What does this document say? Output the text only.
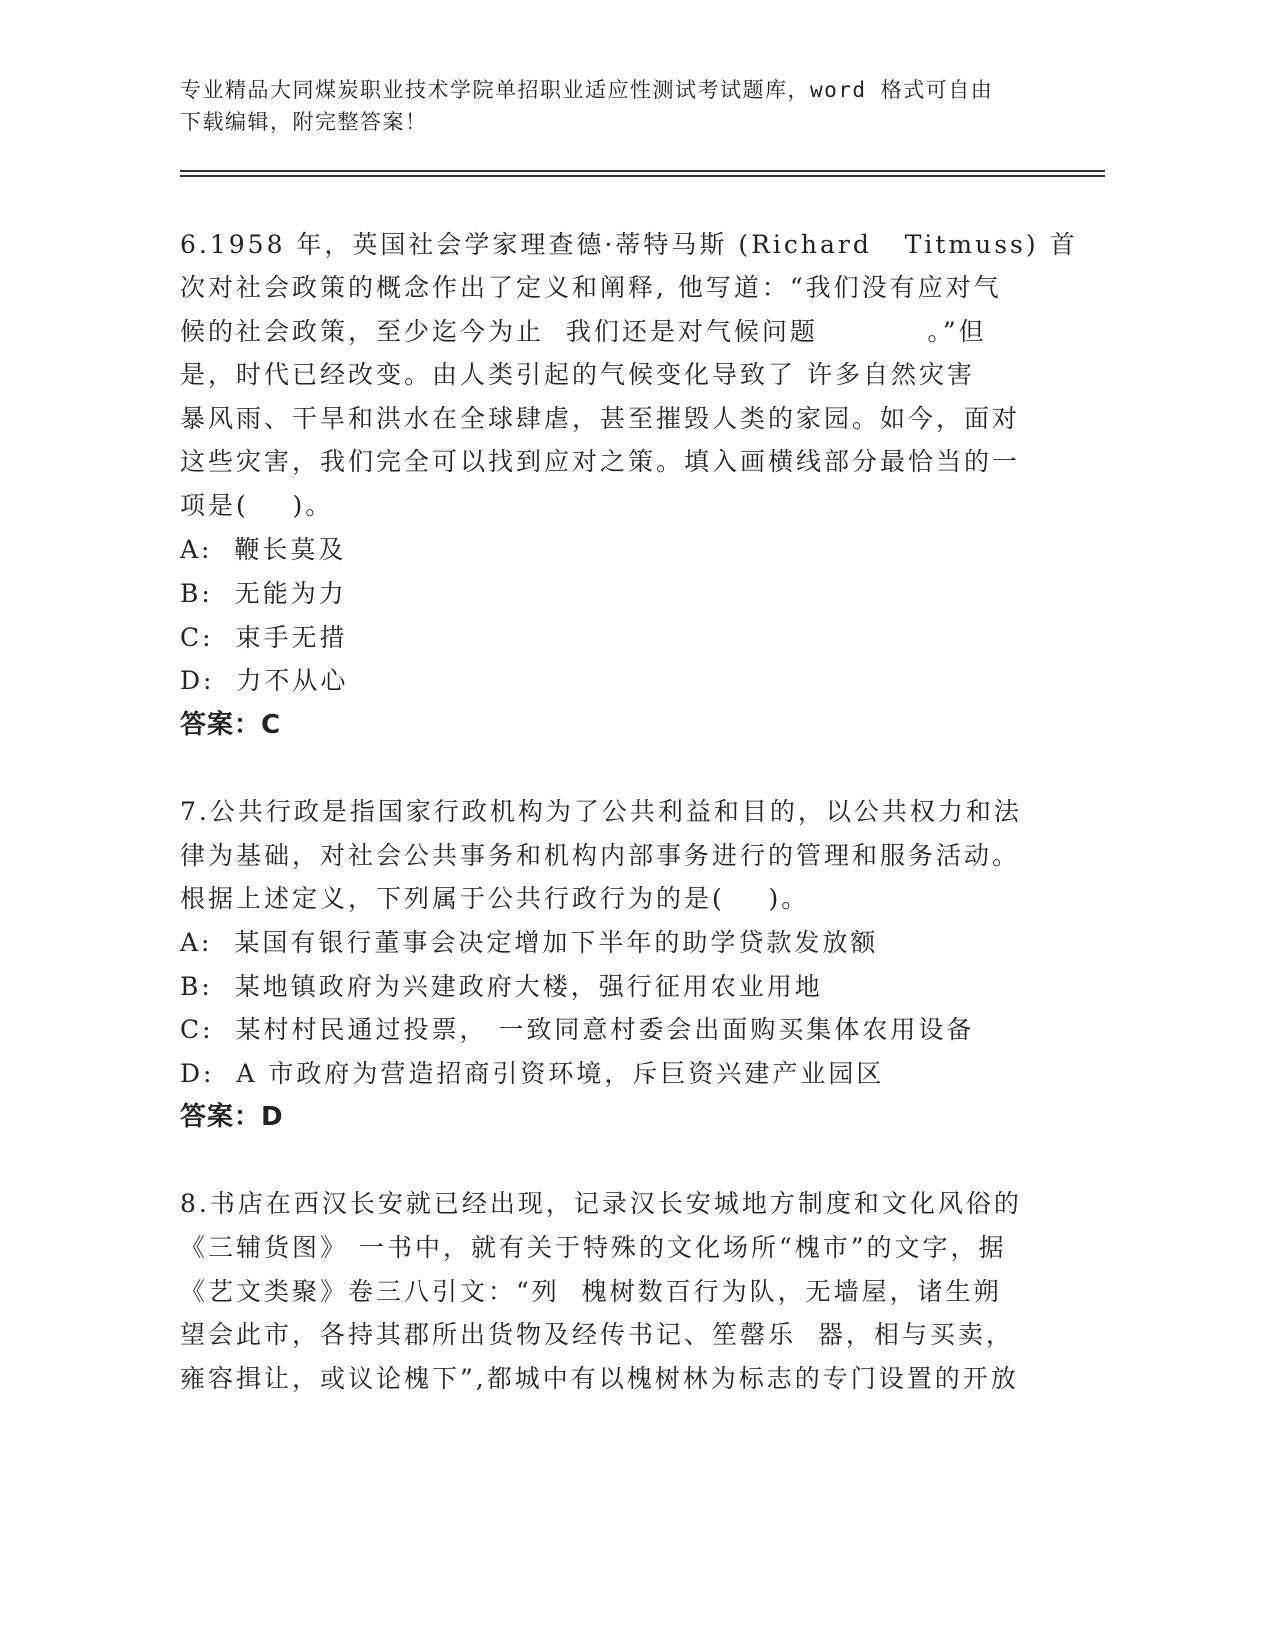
专业精品大同煤炭职业技术学院单招职业适应性测试考试题库，word 格式可自由
下载编辑，附完整答案！
6.1958 年，英国社会学家理查德·蒂特马斯 (Richard   Titmuss) 首
次对社会政策的概念作出了定义和阐释, 他写道：“我们没有应对气
候的社会政策，至少迄今为止  我们还是对气候问题          。”但
是，时代已经改变。由人类引起的气候变化导致了 许多自然灾害
暴风雨、干旱和洪水在全球肆虐，甚至摧毁人类的家园。如今，面对
这些灾害，我们完全可以找到应对之策。填入画横线部分最恰当的一
项是(    )。
A:  鞭长莫及
B:  无能为力
C:  束手无措
D:  力不从心
答案：C
7.公共行政是指国家行政机构为了公共利益和目的，以公共权力和法
律为基础，对社会公共事务和机构内部事务进行的管理和服务活动。
根据上述定义，下列属于公共行政行为的是(    )。
A:  某国有银行董事会决定增加下半年的助学贷款发放额
B:  某地镇政府为兴建政府大楼，强行征用农业用地
C:  某村村民通过投票， 一致同意村委会出面购买集体农用设备
D:  A 市政府为营造招商引资环境，斥巨资兴建产业园区
答案：D
8.书店在西汉长安就已经出现，记录汉长安城地方制度和文化风俗的
《三辅货图》 一书中，就有关于特殊的文化场所“槐市”的文字，据
《艺文类聚》卷三八引文：“列  槐树数百行为队，无墙屋，诸生朔
望会此市，各持其郡所出货物及经传书记、笙罄乐  器，相与买卖，
雍容揖让，或议论槐下”,都城中有以槐树林为标志的专门设置的开放
